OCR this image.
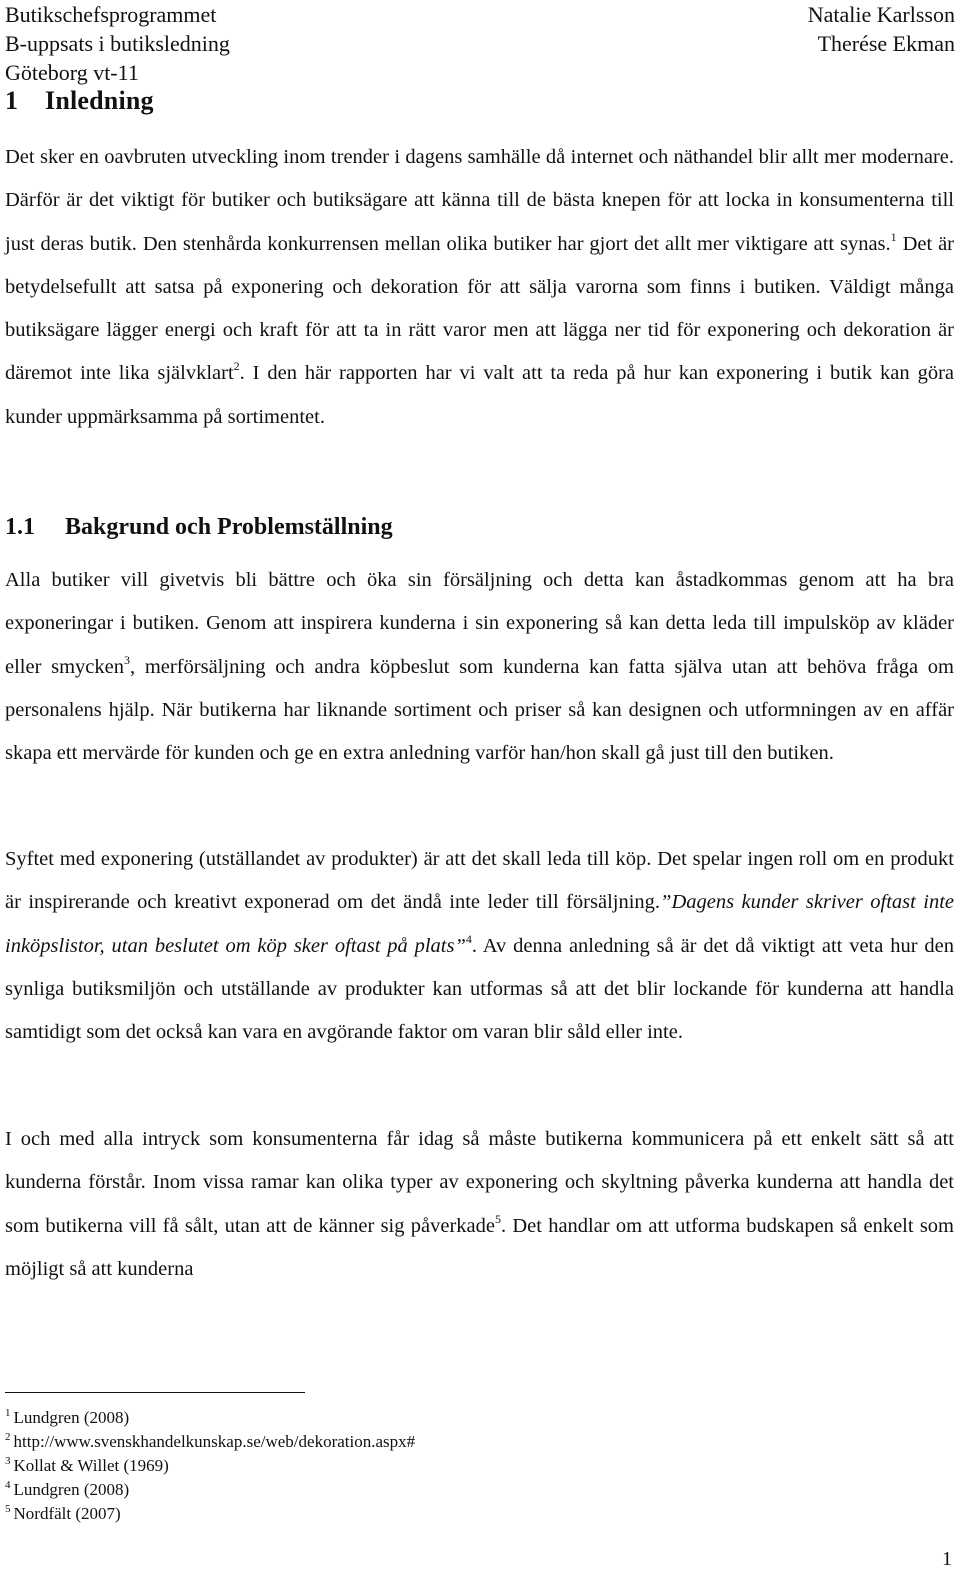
Butikschefsprogrammet
B-uppsats i butiksledning
Göteborg vt-11
Natalie Karlsson
Therése Ekman
1 Inledning
Det sker en oavbruten utveckling inom trender i dagens samhälle då internet och näthandel blir allt mer modernare. Därför är det viktigt för butiker och butiksägare att känna till de bästa knepen för att locka in konsumenterna till just deras butik. Den stenhårda konkurrensen mellan olika butiker har gjort det allt mer viktigare att synas.$^1$ Det är betydelsefullt att satsa på exponering och dekoration för att sälja varorna som finns i butiken. Väldigt många butiksägare lägger energi och kraft för att ta in rätt varor men att lägga ner tid för exponering och dekoration är däremot inte lika självklart$^2$. I den här rapporten har vi valt att ta reda på hur kan exponering i butik kan göra kunder uppmärksamma på sortimentet.
1.1 Bakgrund och Problemställning
Alla butiker vill givetvis bli bättre och öka sin försäljning och detta kan åstadkommas genom att ha bra exponeringar i butiken. Genom att inspirera kunderna i sin exponering så kan detta leda till impulsköp av kläder eller smycken$^3$, merförsäljning och andra köpbeslut som kunderna kan fatta själva utan att behöva fråga om personalens hjälp. När butikerna har liknande sortiment och priser så kan designen och utformningen av en affär skapa ett mervärde för kunden och ge en extra anledning varför han/hon skall gå just till den butiken.
Syftet med exponering (utställandet av produkter) är att det skall leda till köp. Det spelar ingen roll om en produkt är inspirerande och kreativt exponerad om det ändå inte leder till försäljning.”Dagens kunder skriver oftast inte inköpslistor, utan beslutet om köp sker oftast på plats”$^4$. Av denna anledning så är det då viktigt att veta hur den synliga butiksmiljön och utställande av produkter kan utformas så att det blir lockande för kunderna att handla samtidigt som det också kan vara en avgörande faktor om varan blir såld eller inte.
I och med alla intryck som konsumenterna får idag så måste butikerna kommunicera på ett enkelt sätt så att kunderna förstår. Inom vissa ramar kan olika typer av exponering och skyltning påverka kunderna att handla det som butikerna vill få sålt, utan att de känner sig påverkade$^5$. Det handlar om att utforma budskapen så enkelt som möjligt så att kunderna
$^1$ Lundgren (2008)
$^2$ http://www.svenskhandelkunskap.se/web/dekoration.aspx#
$^3$ Kollat & Willet (1969)
$^4$ Lundgren (2008)
$^5$ Nordfält (2007)
1
